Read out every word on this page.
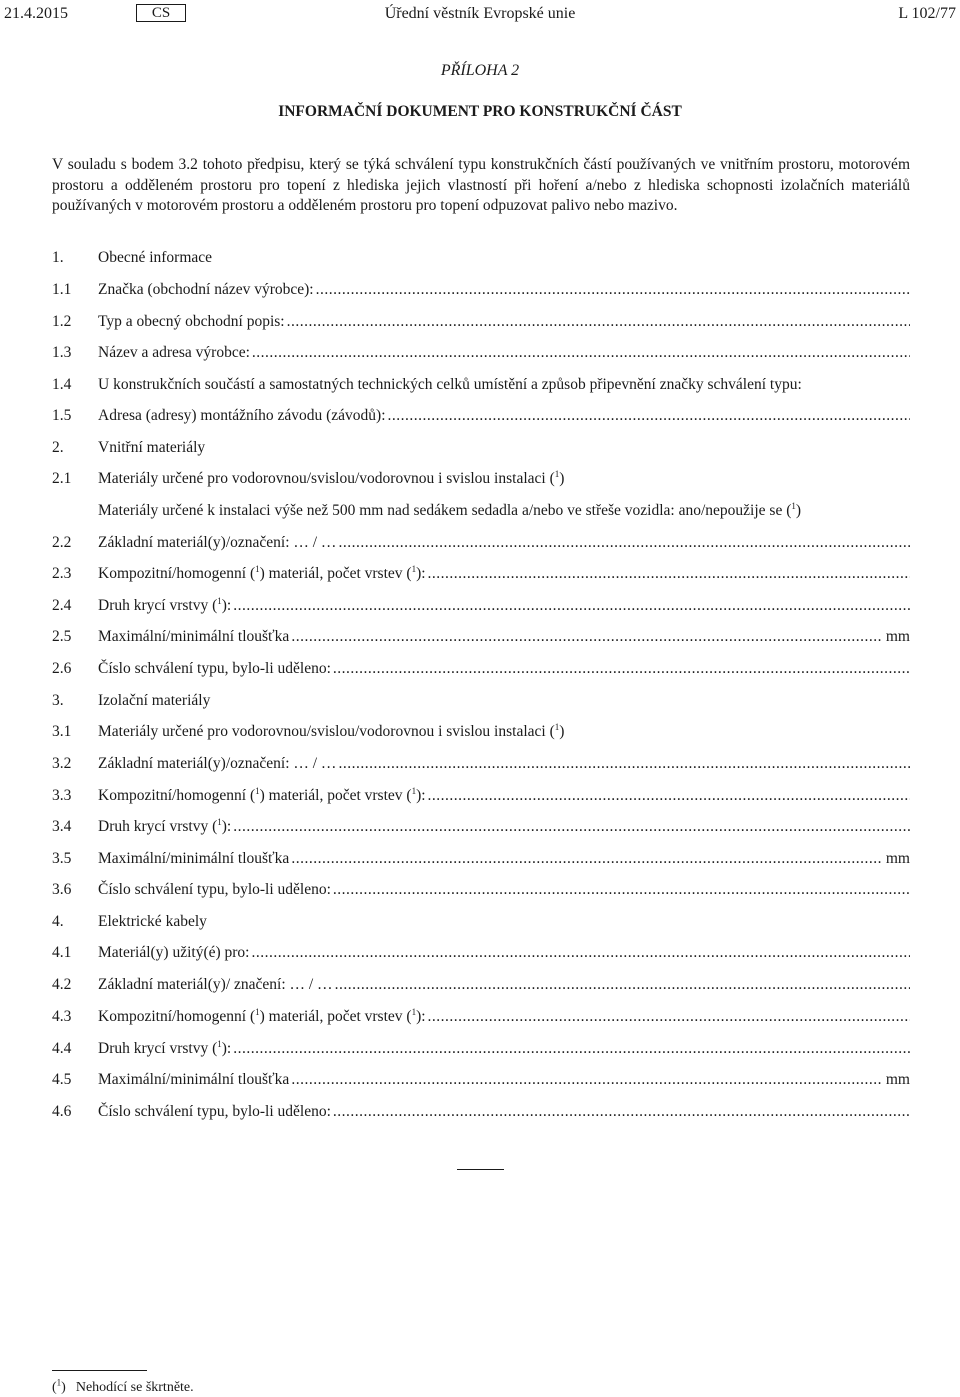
21.4.2015	CS	Úřední věstník Evropské unie	L 102/77
PŘÍLOHA 2
INFORMAČNÍ DOKUMENT PRO KONSTRUKČNÍ ČÁST
V souladu s bodem 3.2 tohoto předpisu, který se týká schválení typu konstrukčních částí používaných ve vnitřním prostoru, motorovém prostoru a odděleném prostoru pro topení z hlediska jejich vlastností při hoření a/nebo z hlediska schopnosti izolačních materiálů používaných v motorovém prostoru a odděleném prostoru pro topení odpuzovat palivo nebo mazivo.
1.	Obecné informace
1.1	Značka (obchodní název výrobce):
.....
1.2	Typ a obecný obchodní popis:
.....
1.3	Název a adresa výrobce:
.....
1.4	U konstrukčních součástí a samostatných technických celků umístění a způsob připevnění značky schválení typu:
1.5	Adresa (adresy) montážního závodu (závodů):
.....
2.	Vnitřní materiály
2.1	Materiály určené pro vodorovnou/svislou/vodorovnou i svislou instalaci ($^1$)
Materiály určené k instalaci výše než 500 mm nad sedákem sedadla a/nebo ve střeše vozidla: ano/nepoužije se ($^1$)
2.2	Základní materiál(y)/označení: … / …
.....
2.3	Kompozitní/homogenní ($^1$) materiál, počet vrstev ($^1$):
.....
2.4	Druh krycí vrstvy ($^1$):
.....
2.5	Maximální/minimální tloušťka .....	mm
2.6	Číslo schválení typu, bylo-li uděleno:
.....
3.	Izolační materiály
3.1	Materiály určené pro vodorovnou/svislou/vodorovnou i svislou instalaci ($^1$)
3.2	Základní materiál(y)/označení: … / …
.....
3.3	Kompozitní/homogenní ($^1$) materiál, počet vrstev ($^1$):
.....
3.4	Druh krycí vrstvy ($^1$):
.....
3.5	Maximální/minimální tloušťka .....	mm
3.6	Číslo schválení typu, bylo-li uděleno:
.....
4.	Elektrické kabely
4.1	Materiál(y) užitý(é) pro:
.....
4.2	Základní materiál(y)/ značení: … / …
.....
4.3	Kompozitní/homogenní ($^1$) materiál, počet vrstev ($^1$):
.....
4.4	Druh krycí vrstvy ($^1$):
.....
4.5	Maximální/minimální tloušťka .....	mm
4.6	Číslo schválení typu, bylo-li uděleno:
.....
($^1$) Nehodící se škrtněte.
